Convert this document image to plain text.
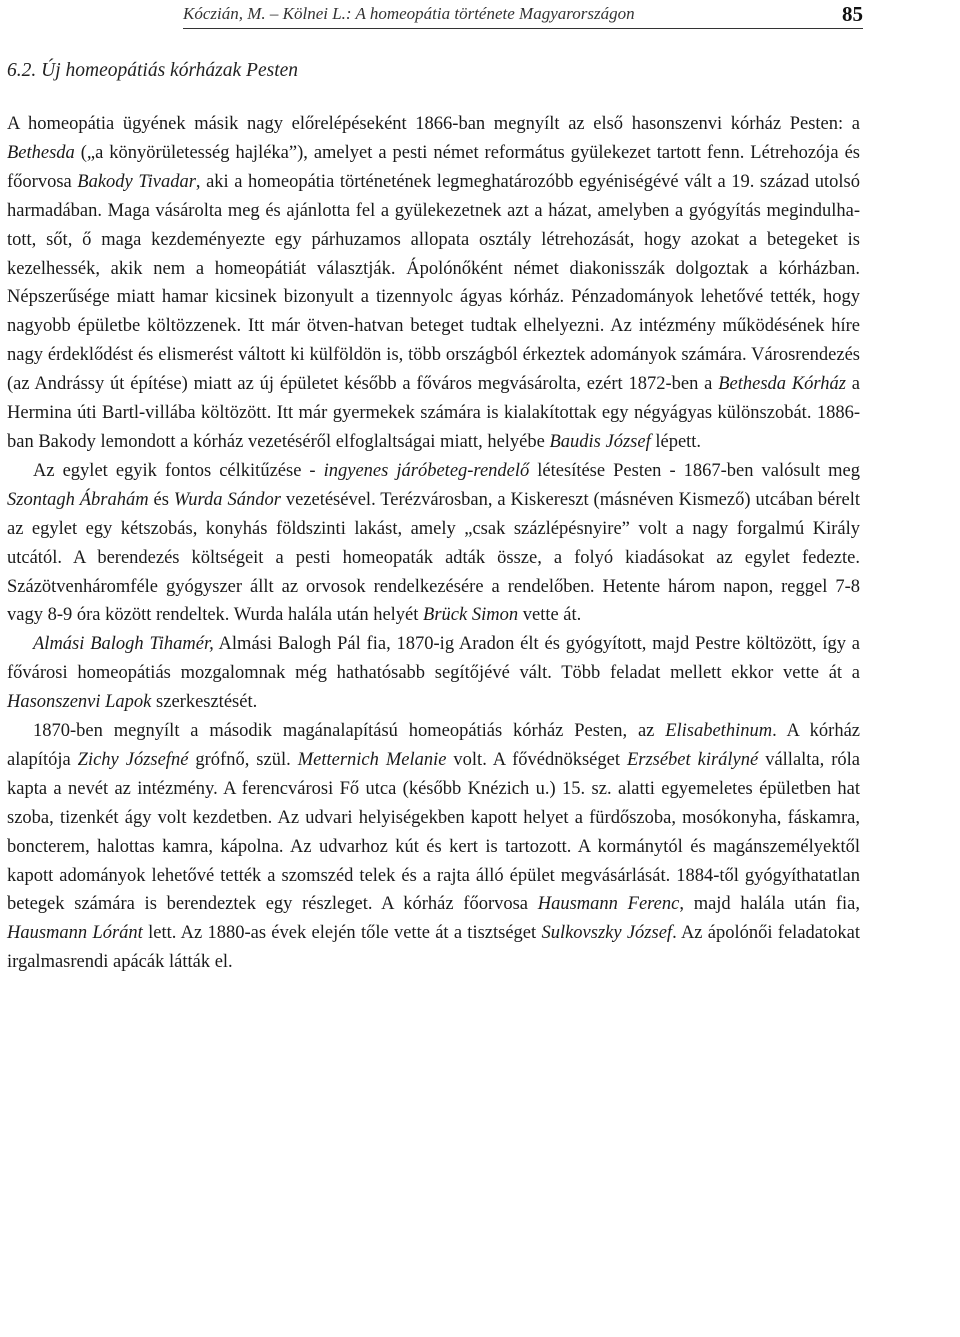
Kóczián, M. – Kölnei L.: A homeopátia története Magyarországon	85
6.2. Új homeopátiás kórházak Pesten

A homeopátia ügyének másik nagy előrelépéseként 1866-ban megnyílt az első hasonszenvi kórház Pesten: a Bethesda („a könyörületesség hajléka”), amelyet a pesti német református gyülekezet tartott fenn. Létrehozója és főorvosa Bakody Tivadar, aki a homeopátia történetének legmeghatározóbb egyéniségévé vált a 19. század utolsó harmadában. Maga vásárolta meg és ajánlotta fel a gyülekezetnek azt a házat, amelyben a gyógyítás megindulhatott, sőt, ő maga kezdeményezte egy párhuzamos allopata osztály létrehozását, hogy azokat a betegeket is kezelhessék, akik nem a homeopátiát választják. Ápolónőként német diakonisszák dolgoztak a kórházban. Népszerűsége miatt hamar kicsinek bizonyult a tizennyolc ágyas kórház. Pénzadományok lehetővé tették, hogy nagyobb épületbe költözzenek. Itt már ötven-hatvan beteget tudtak elhelyezni. Az intézmény működésének híre nagy érdeklődést és elismerést váltott ki külföldön is, több országból érkeztek adományok számára. Városrendezés (az Andrássy út építése) miatt az új épületet később a főváros megvásárolta, ezért 1872-ben a Bethesda Kórház a Hermina úti Bartl-villába költözött. Itt már gyermekek számára is kialakítottak egy négyágyas különszobát. 1886-ban Bakody lemondott a kórház vezetéséről elfoglaltságai miatt, helyébe Baudis József lépett.

Az egylet egyik fontos célkitűzése - ingyenes járóbeteg-rendelő létesítése Pesten - 1867-ben valósult meg Szontagh Ábrahám és Wurda Sándor vezetésével. Terézvárosban, a Kiskereszt (másnéven Kismező) utcában bérelt az egylet egy kétszobás, konyhás földszinti lakást, amely „csak százlépésnyire” volt a nagy forgalmú Király utcától. A berendezés költségeit a pesti homeopaták adták össze, a folyó kiadásokat az egylet fedezte. Százötvenháromféle gyógyszer állt az orvosok rendelkezésére a rendelőben. Hetente három napon, reggel 7-8 vagy 8-9 óra között rendeltek. Wurda halála után helyét Brück Simon vette át.

Almási Balogh Tihamér, Almási Balogh Pál fia, 1870-ig Aradon élt és gyógyított, majd Pestre költözött, így a fővárosi homeopátiás mozgalomnak még hathatósabb segítőjévé vált. Több feladat mellett ekkor vette át a Hasonszenvi Lapok szerkesztését.

1870-ben megnyílt a második magánalapítású homeopátiás kórház Pesten, az Elisabethinum. A kórház alapítója Zichy Józsefné grófnő, szül. Metternich Melanie volt. A fővédnökséget Erzsébet királyné vállalta, róla kapta a nevét az intézmény. A ferencvárosi Fő utca (később Knézich u.) 15. sz. alatti egyemeletes épületben hat szoba, tizenkét ágy volt kezdetben. Az udvari helyiségekben kapott helyet a fürdőszoba, mosókonyha, fáskamra, boncterem, halottas kamra, kápolna. Az udvarhoz kút és kert is tartozott. A kormánytól és magánszemélyektől kapott adományok lehetővé tették a szomszéd telek és a rajta álló épület megvásárlását. 1884-től gyógyíthatatlan betegek számára is berendeztek egy részleget. A kórház főorvosa Hausmann Ferenc, majd halála után fia, Hausmann Lóránt lett. Az 1880-as évek elején tőle vette át a tisztséget Sulkovszky József. Az ápolónői feladatokat irgalmasrendi apácák látták el.
